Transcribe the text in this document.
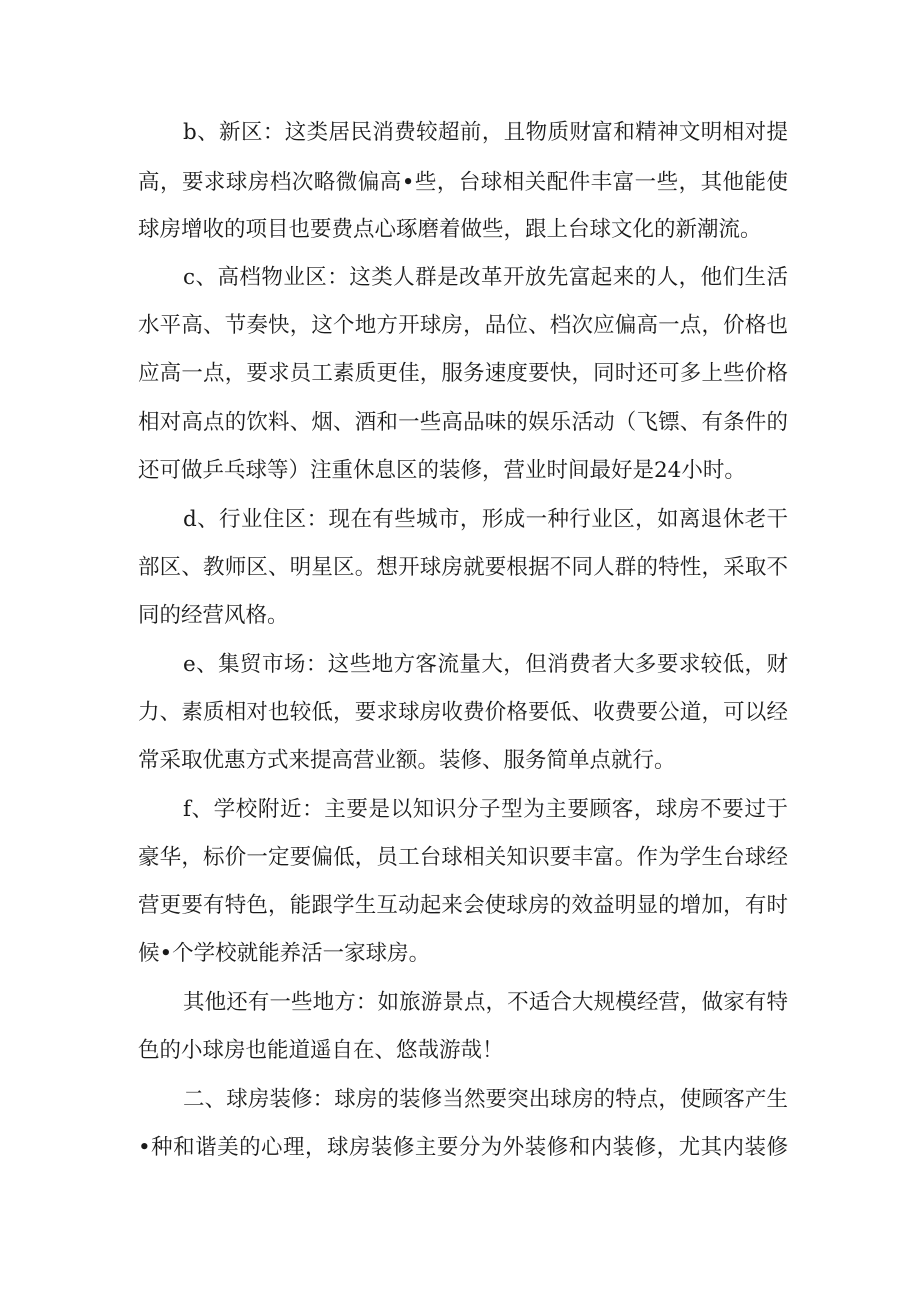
b、新区：这类居民消费较超前，且物质财富和精神文明相对提
高，要求球房档次略微偏高•些，台球相关配件丰富一些，其他能使
球房增收的项目也要费点心琢磨着做些，跟上台球文化的新潮流。
c、高档物业区：这类人群是改革开放先富起来的人，他们生活
水平高、节奏快，这个地方开球房，品位、档次应偏高一点，价格也
应高一点，要求员工素质更佳，服务速度要快，同时还可多上些价格
相对高点的饮料、烟、酒和一些高品味的娱乐活动（飞镖、有条件的
还可做乒乓球等）注重休息区的装修，营业时间最好是24小时。
d、行业住区：现在有些城市，形成一种行业区，如离退休老干
部区、教师区、明星区。想开球房就要根据不同人群的特性，采取不
同的经营风格。
e、集贸市场：这些地方客流量大，但消费者大多要求较低，财
力、素质相对也较低，要求球房收费价格要低、收费要公道，可以经
常采取优惠方式来提高营业额。装修、服务简单点就行。
f、学校附近：主要是以知识分子型为主要顾客，球房不要过于
豪华，标价一定要偏低，员工台球相关知识要丰富。作为学生台球经
营更要有特色，能跟学生互动起来会使球房的效益明显的增加，有时
候•个学校就能养活一家球房。
其他还有一些地方：如旅游景点，不适合大规模经营，做家有特
色的小球房也能道遥自在、悠哉游哉！
二、球房装修：球房的装修当然要突出球房的特点，使顾客产生
•种和谐美的心理，球房装修主要分为外装修和内装修，尤其内装修
